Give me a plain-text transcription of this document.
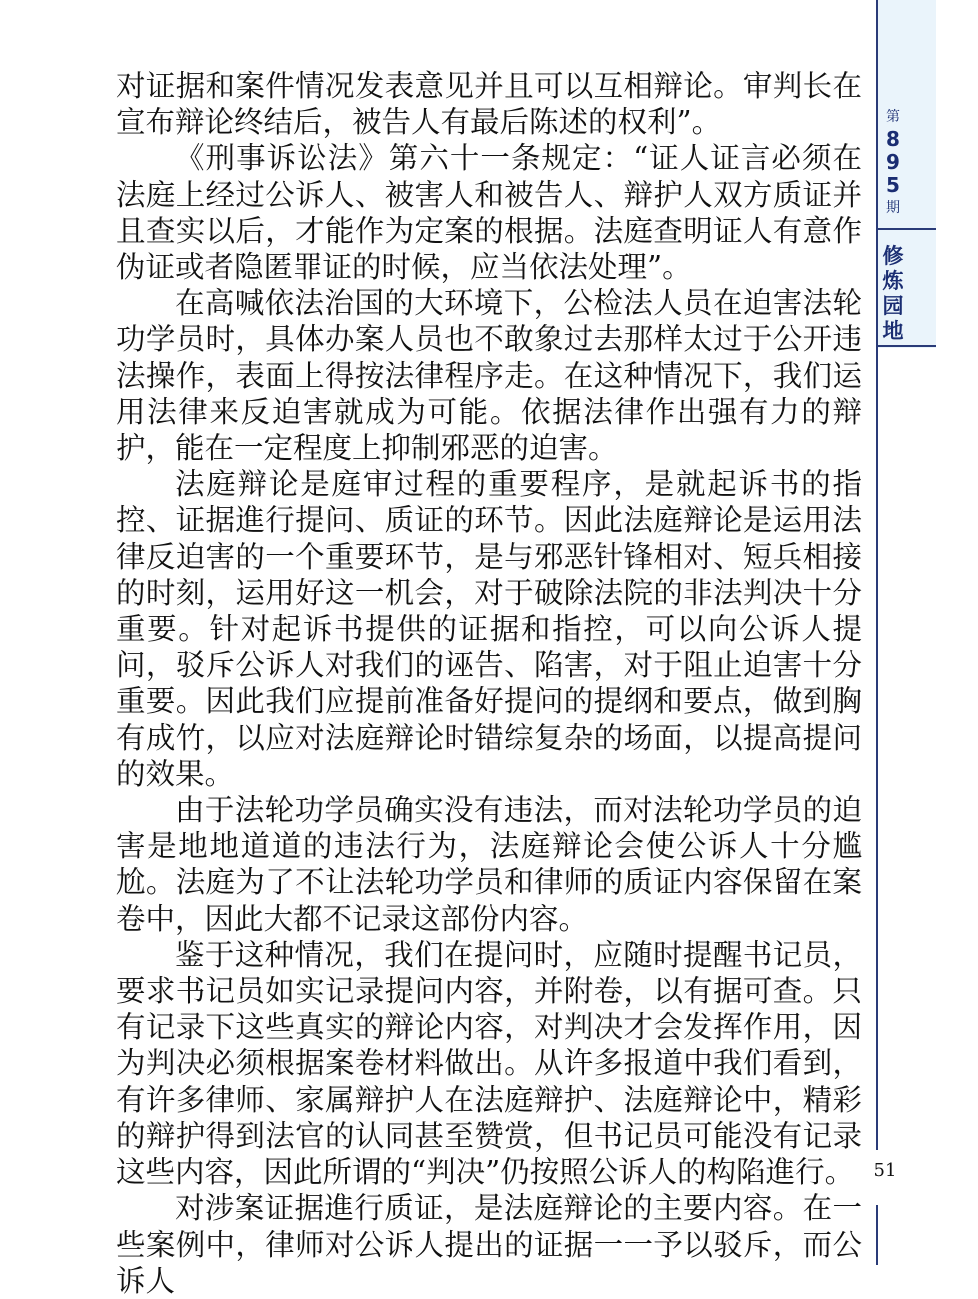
第
8
9
5
期
修
炼
园
地

对证据和案件情况发表意见并且可以互相辩论。审判长在宣布辩论终结后，被告人有最后陈述的权利”。

《刑事诉讼法》第六十一条规定：“证人证言必须在法庭上经过公诉人、被害人和被告人、辩护人双方质证并且查实以后，才能作为定案的根据。法庭查明证人有意作伪证或者隐匿罪证的时候，应当依法处理”。

在高喊依法治国的大环境下，公检法人员在迫害法轮功学员时，具体办案人员也不敢象过去那样太过于公开违法操作，表面上得按法律程序走。在这种情况下，我们运用法律来反迫害就成为可能。依据法律作出强有力的辩护，能在一定程度上抑制邪恶的迫害。

法庭辩论是庭审过程的重要程序，是就起诉书的指控、证据進行提问、质证的环节。因此法庭辩论是运用法律反迫害的一个重要环节，是与邪恶针锋相对、短兵相接的时刻，运用好这一机会，对于破除法院的非法判决十分重要。针对起诉书提供的证据和指控，可以向公诉人提问，驳斥公诉人对我们的诬告、陷害，对于阻止迫害十分重要。因此我们应提前准备好提问的提纲和要点，做到胸有成竹，以应对法庭辩论时错综复杂的场面，以提高提问的效果。

由于法轮功学员确实没有违法，而对法轮功学员的迫害是地地道道的违法行为，法庭辩论会使公诉人十分尴尬。法庭为了不让法轮功学员和律师的质证内容保留在案卷中，因此大都不记录这部份内容。

鉴于这种情况，我们在提问时，应随时提醒书记员，要求书记员如实记录提问内容，并附卷，以有据可查。只有记录下这些真实的辩论内容，对判决才会发挥作用，因为判决必须根据案卷材料做出。从许多报道中我们看到，有许多律师、家属辩护人在法庭辩护、法庭辩论中，精彩的辩护得到法官的认同甚至赞赏，但书记员可能没有记录这些内容，因此所谓的“判决”仍按照公诉人的构陷進行。

对涉案证据進行质证，是法庭辩论的主要内容。在一些案例中，律师对公诉人提出的证据一一予以驳斥，而公诉人

51
